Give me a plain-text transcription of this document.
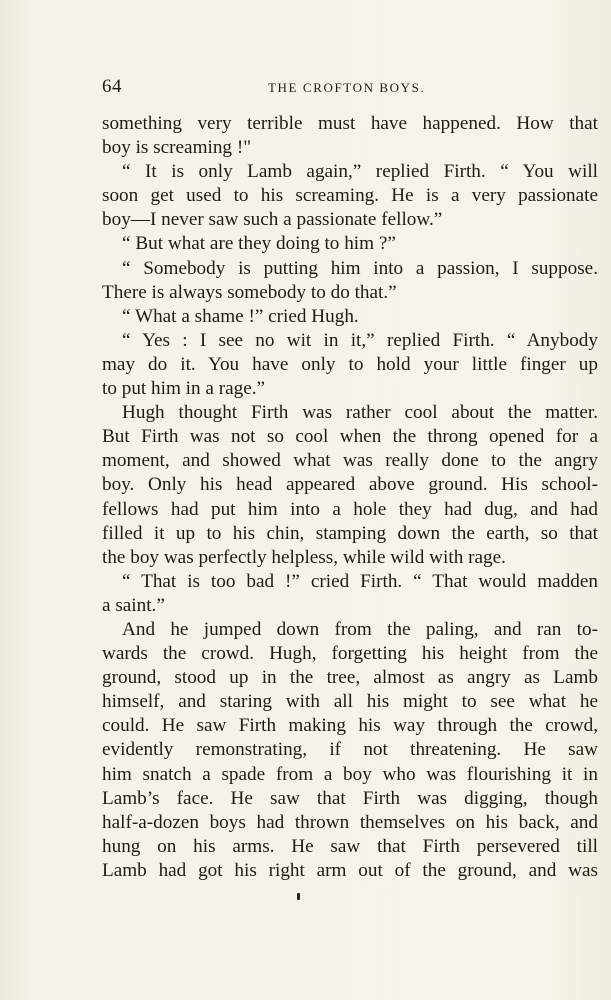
64	THE CROFTON BOYS.
something very terrible must have happened. How that
boy is screaming !"
“ It is only Lamb again,” replied Firth. “ You will
soon get used to his screaming. He is a very passionate
boy—I never saw such a passionate fellow.”
“ But what are they doing to him ?”
“ Somebody is putting him into a passion, I suppose.
There is always somebody to do that.”
“ What a shame !” cried Hugh.
“ Yes : I see no wit in it,” replied Firth. “ Anybody
may do it. You have only to hold your little finger up
to put him in a rage.”
Hugh thought Firth was rather cool about the matter.
But Firth was not so cool when the throng opened for a
moment, and showed what was really done to the angry
boy. Only his head appeared above ground. His school-
fellows had put him into a hole they had dug, and had
filled it up to his chin, stamping down the earth, so that
the boy was perfectly helpless, while wild with rage.
“ That is too bad !” cried Firth. “ That would madden
a saint.”
And he jumped down from the paling, and ran to-
wards the crowd. Hugh, forgetting his height from the
ground, stood up in the tree, almost as angry as Lamb
himself, and staring with all his might to see what he
could. He saw Firth making his way through the crowd,
evidently remonstrating, if not threatening. He saw
him snatch a spade from a boy who was flourishing it in
Lamb’s face. He saw that Firth was digging, though
half-a-dozen boys had thrown themselves on his back, and
hung on his arms. He saw that Firth persevered till
Lamb had got his right arm out of the ground, and was
